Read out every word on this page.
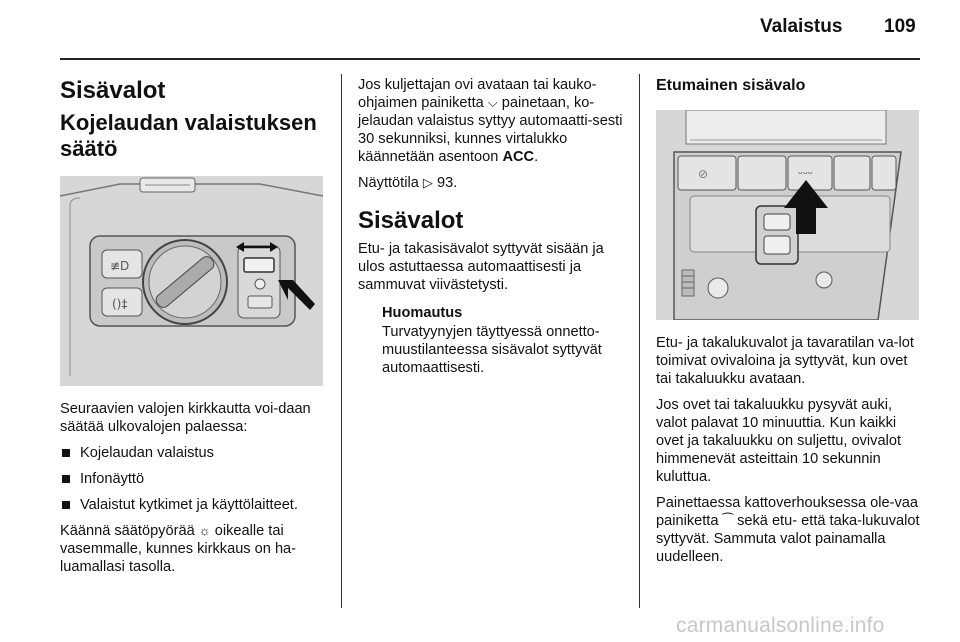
Valaistus 109
Sisävalot
Kojelaudan valaistuksen säätö
≢D
()‡

Seuraavien valojen kirkkautta voi-daan säätää ulkovalojen palaessa:

Kojelaudan valaistus
Infonäyttö
Valaistut kytkimet ja käyttölaitteet.

Käännä säätöpyörää ☼ oikealle tai vasemmalle, kunnes kirkkaus on ha-luamallasi tasolla.

Jos kuljettajan ovi avataan tai kauko-ohjaimen painiketta ⌵ painetaan, ko-jelaudan valaistus syttyy automaatti-sesti 30 sekunniksi, kunnes virtalukko käännetään asentoon ACC.

Näyttötila ▷ 93.

Sisävalot

Etu- ja takasisävalot syttyvät sisään ja ulos astuttaessa automaattisesti ja sammuvat viivästetysti.

Huomautus
Turvatyynyjen täyttyessä onnetto-muustilanteessa sisävalot syttyvät automaattisesti.
Etumainen sisävalo
⊘	ᵕᵕᵕ

Etu- ja takalukuvalot ja tavaratilan va-lot toimivat ovivaloina ja syttyvät, kun ovet tai takaluukku avataan.

Jos ovet tai takaluukku pysyvät auki, valot palavat 10 minuuttia. Kun kaikki ovet ja takaluukku on suljettu, ovivalot himmenevät asteittain 10 sekunnin kuluttua.

Painettaessa kattoverhouksessa ole-vaa painiketta ⁀ sekä etu- että taka-lukuvalot syttyvät. Sammuta valot painamalla uudelleen.

carmanualsonline.info
